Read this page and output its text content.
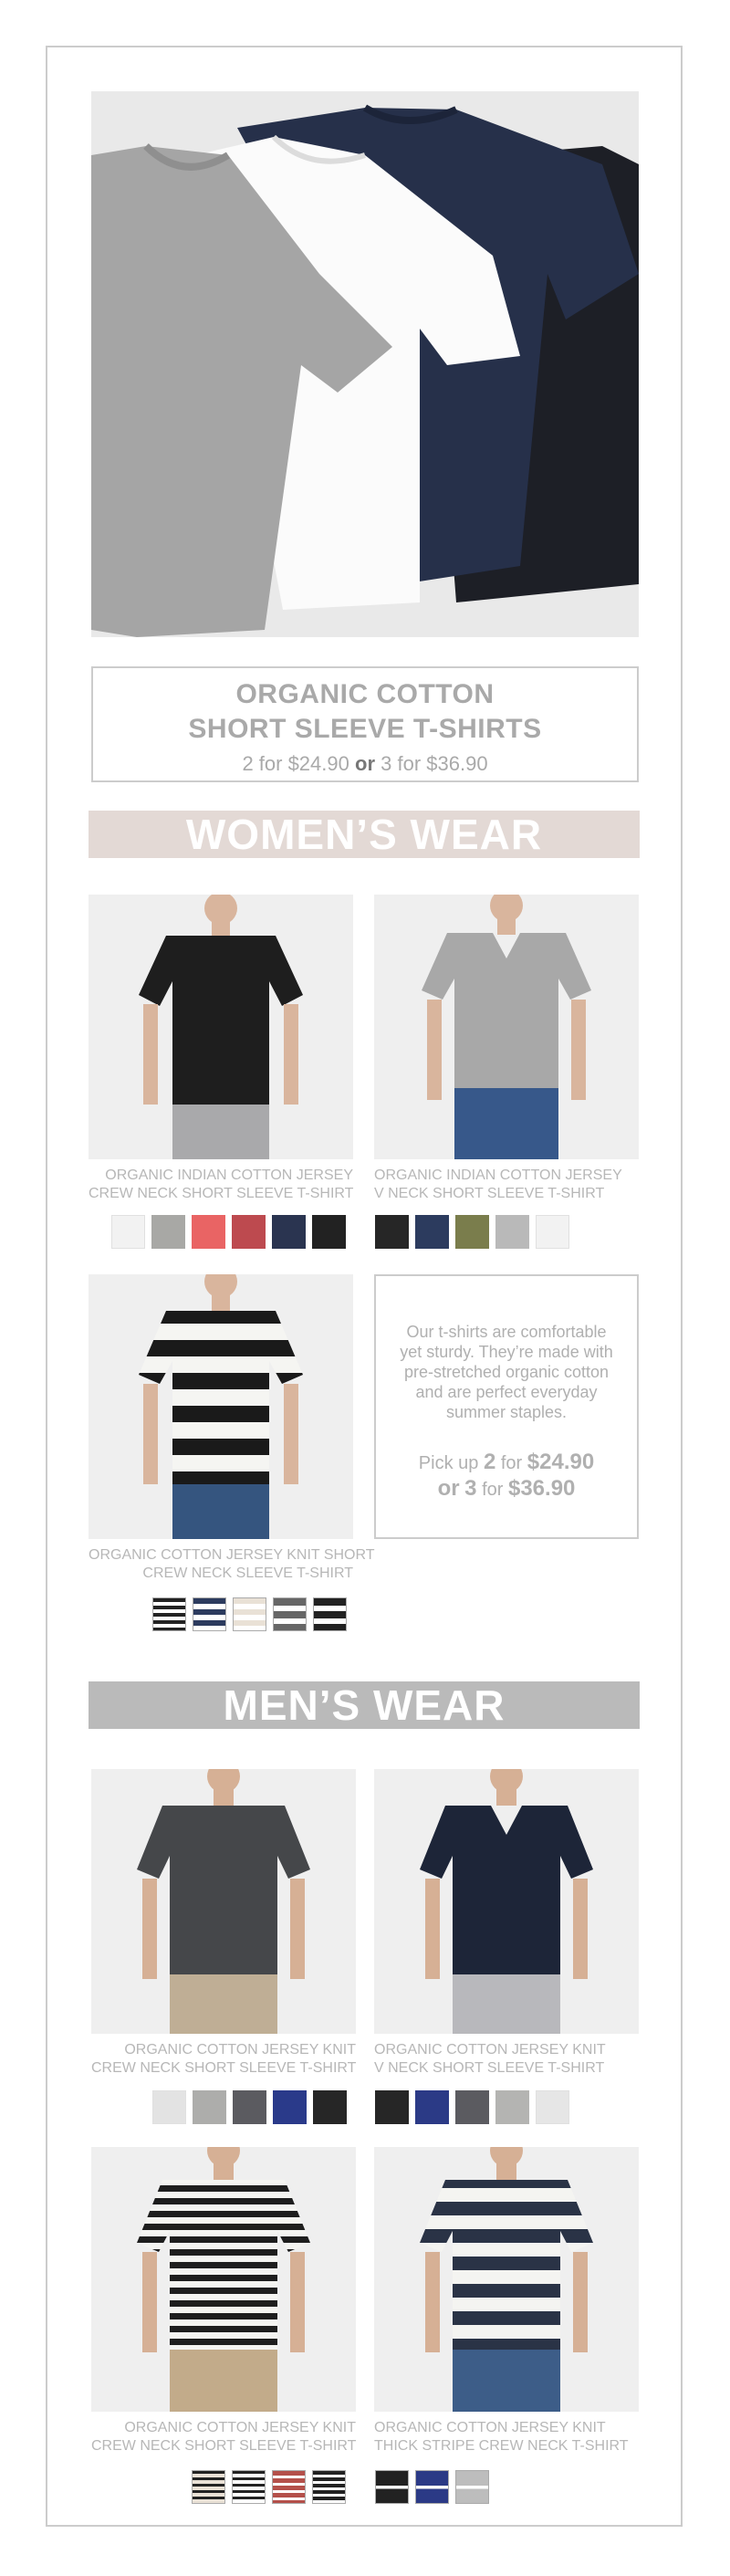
ORGANIC COTTON
SHORT SLEEVE T-SHIRTS
2 for $24.90 or 3 for $36.90
WOMEN’S WEAR
ORGANIC INDIAN COTTON JERSEY
CREW NECK SHORT SLEEVE T-SHIRT
ORGANIC INDIAN COTTON JERSEY
V NECK SHORT SLEEVE T-SHIRT
ORGANIC COTTON JERSEY KNIT SHORT
CREW NECK SLEEVE T-SHIRT
Our t-shirts are comfortable yet sturdy. They’re made with pre-stretched organic cotton and are perfect everyday summer staples.
Pick up 2 for $24.90
or 3 for $36.90
MEN’S WEAR
ORGANIC COTTON JERSEY KNIT
CREW NECK SHORT SLEEVE T-SHIRT
ORGANIC COTTON JERSEY KNIT
V NECK SHORT SLEEVE T-SHIRT
ORGANIC COTTON JERSEY KNIT
CREW NECK SHORT SLEEVE T-SHIRT
ORGANIC COTTON JERSEY KNIT
THICK STRIPE CREW NECK T-SHIRT
